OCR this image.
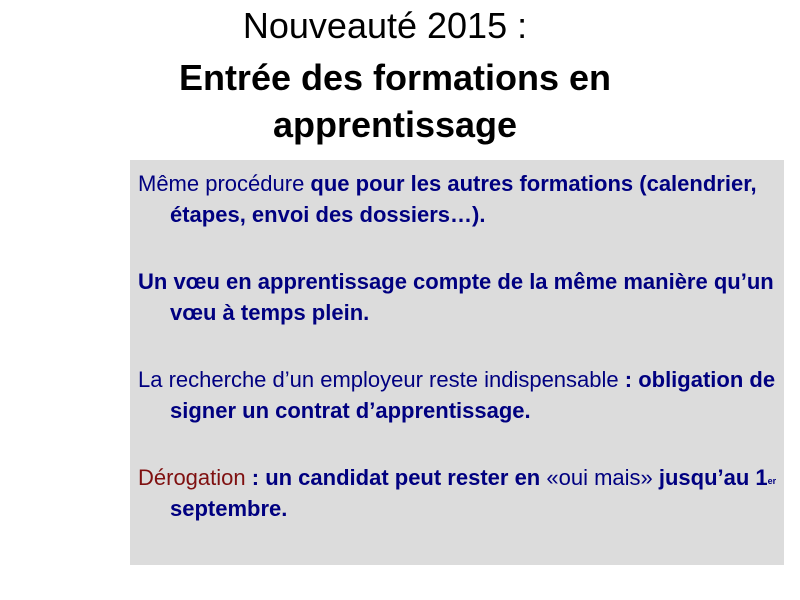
Nouveauté 2015 :
Entrée des formations en
apprentissage
Même procédure que pour les autres formations (calendrier, étapes, envoi des dossiers…).
Un vœu en apprentissage compte de la même manière qu’un vœu à temps plein.
La recherche d’un employeur reste indispensable : obligation de signer un contrat d’apprentissage.
Dérogation : un candidat peut rester en «oui mais» jusqu’au 1er septembre.
